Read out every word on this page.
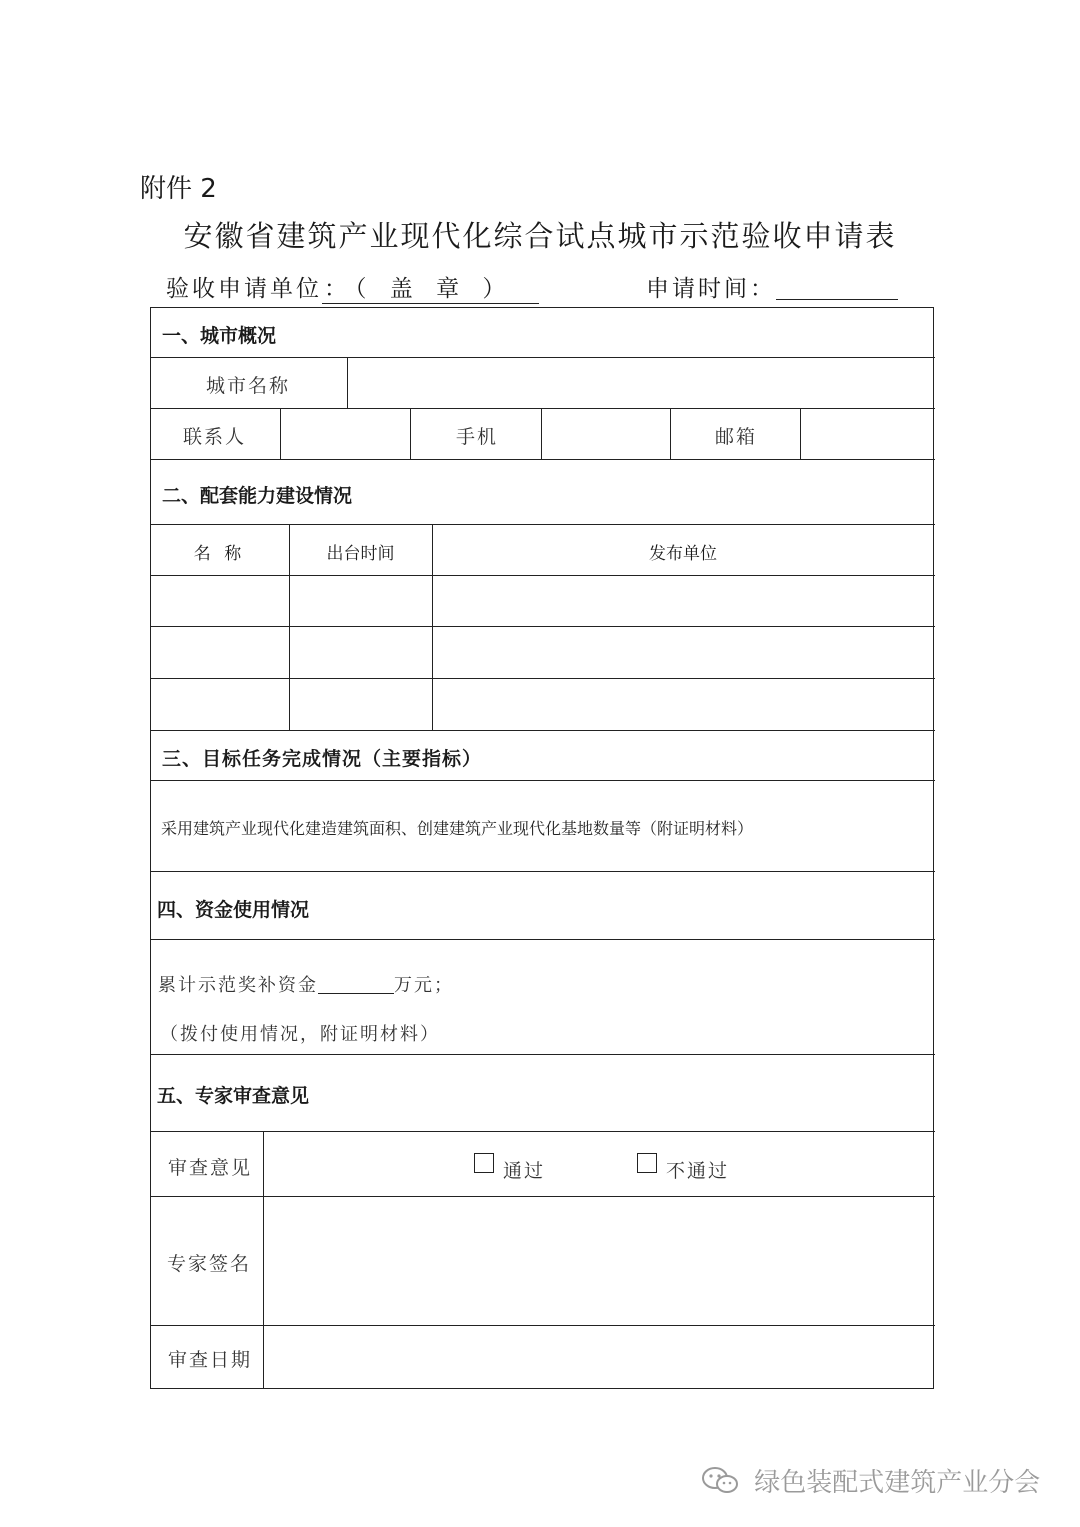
附件 2
安徽省建筑产业现代化综合试点城市示范验收申请表
验收申请单位：（ 盖 章 ）	申请时间：
一、城市概况
城市名称
联系人	手机	邮箱
二、配套能力建设情况
名 称	出台时间	发布单位
三、目标任务完成情况（主要指标）
采用建筑产业现代化建造建筑面积、创建建筑产业现代化基地数量等（附证明材料）
四、资金使用情况
累计示范奖补资金	万元；
（拨付使用情况，附证明材料）
五、专家审查意见
审查意见	通过	不通过
专家签名
审查日期
绿色装配式建筑产业分会
